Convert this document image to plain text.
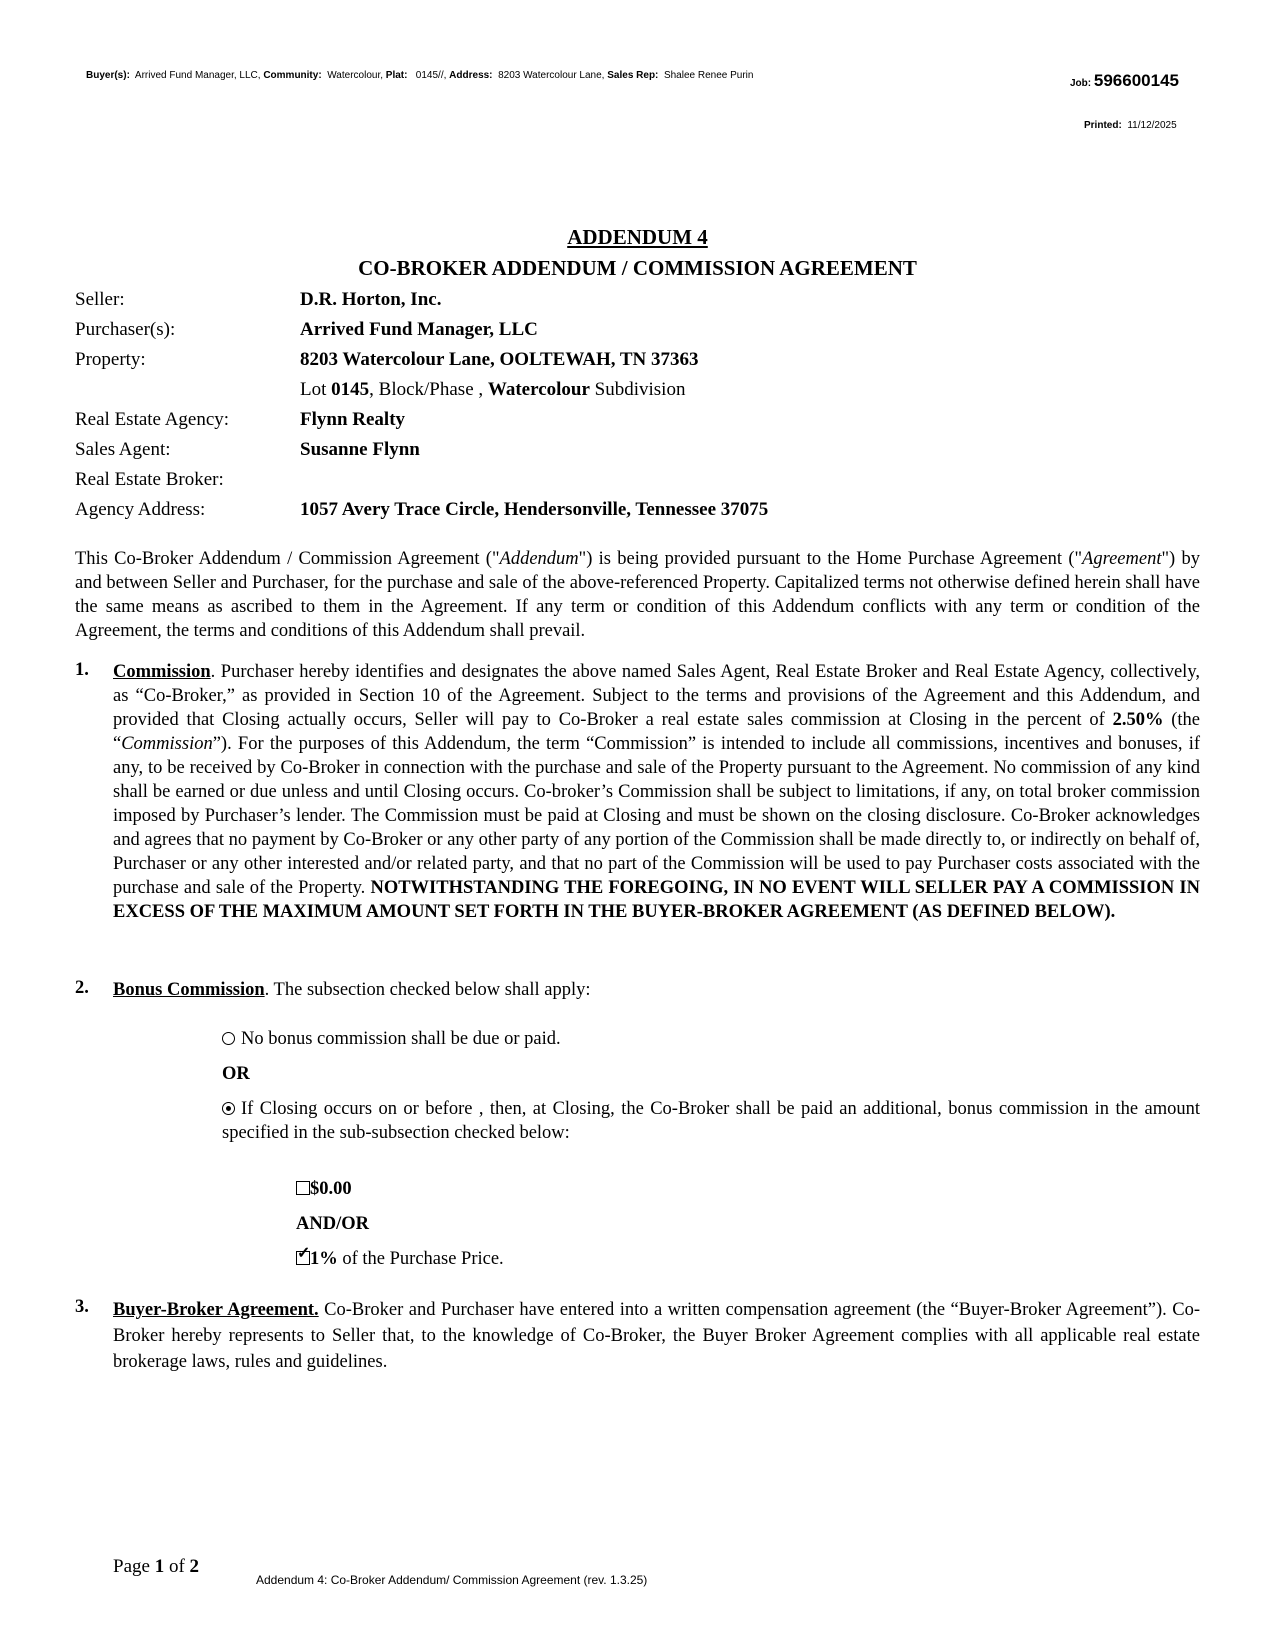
Buyer(s): Arrived Fund Manager, LLC, Community: Watercolour, Plat: 0145//, Address: 8203 Watercolour Lane, Sales Rep: Shalee Renee Purin
Job: 596600145
Printed: 11/12/2025
ADDENDUM 4
CO-BROKER ADDENDUM / COMMISSION AGREEMENT
Seller:	D.R. Horton, Inc.
Purchaser(s):	Arrived Fund Manager, LLC
Property:	8203 Watercolour Lane, OOLTEWAH, TN 37363
Lot 0145, Block/Phase , Watercolour Subdivision
Real Estate Agency:	Flynn Realty
Sales Agent:	Susanne Flynn
Real Estate Broker:
Agency Address:	1057 Avery Trace Circle, Hendersonville, Tennessee 37075
This Co-Broker Addendum / Commission Agreement ("Addendum") is being provided pursuant to the Home Purchase Agreement ("Agreement") by and between Seller and Purchaser, for the purchase and sale of the above-referenced Property. Capitalized terms not otherwise defined herein shall have the same means as ascribed to them in the Agreement. If any term or condition of this Addendum conflicts with any term or condition of the Agreement, the terms and conditions of this Addendum shall prevail.
1. Commission. Purchaser hereby identifies and designates the above named Sales Agent, Real Estate Broker and Real Estate Agency, collectively, as “Co-Broker,” as provided in Section 10 of the Agreement. Subject to the terms and provisions of the Agreement and this Addendum, and provided that Closing actually occurs, Seller will pay to Co-Broker a real estate sales commission at Closing in the percent of 2.50% (the “Commission”). For the purposes of this Addendum, the term “Commission” is intended to include all commissions, incentives and bonuses, if any, to be received by Co-Broker in connection with the purchase and sale of the Property pursuant to the Agreement. No commission of any kind shall be earned or due unless and until Closing occurs. Co-broker’s Commission shall be subject to limitations, if any, on total broker commission imposed by Purchaser’s lender. The Commission must be paid at Closing and must be shown on the closing disclosure. Co-Broker acknowledges and agrees that no payment by Co-Broker or any other party of any portion of the Commission shall be made directly to, or indirectly on behalf of, Purchaser or any other interested and/or related party, and that no part of the Commission will be used to pay Purchaser costs associated with the purchase and sale of the Property. NOTWITHSTANDING THE FOREGOING, IN NO EVENT WILL SELLER PAY A COMMISSION IN EXCESS OF THE MAXIMUM AMOUNT SET FORTH IN THE BUYER-BROKER AGREEMENT (AS DEFINED BELOW).
2. Bonus Commission. The subsection checked below shall apply:
No bonus commission shall be due or paid.
OR
If Closing occurs on or before , then, at Closing, the Co-Broker shall be paid an additional, bonus commission in the amount specified in the sub-subsection checked below:
$0.00
AND/OR
✓ 1% of the Purchase Price.
3. Buyer-Broker Agreement. Co-Broker and Purchaser have entered into a written compensation agreement (the “Buyer-Broker Agreement”). Co-Broker hereby represents to Seller that, to the knowledge of Co-Broker, the Buyer Broker Agreement complies with all applicable real estate brokerage laws, rules and guidelines.
Page 1 of 2
Addendum 4: Co-Broker Addendum/ Commission Agreement (rev. 1.3.25)
